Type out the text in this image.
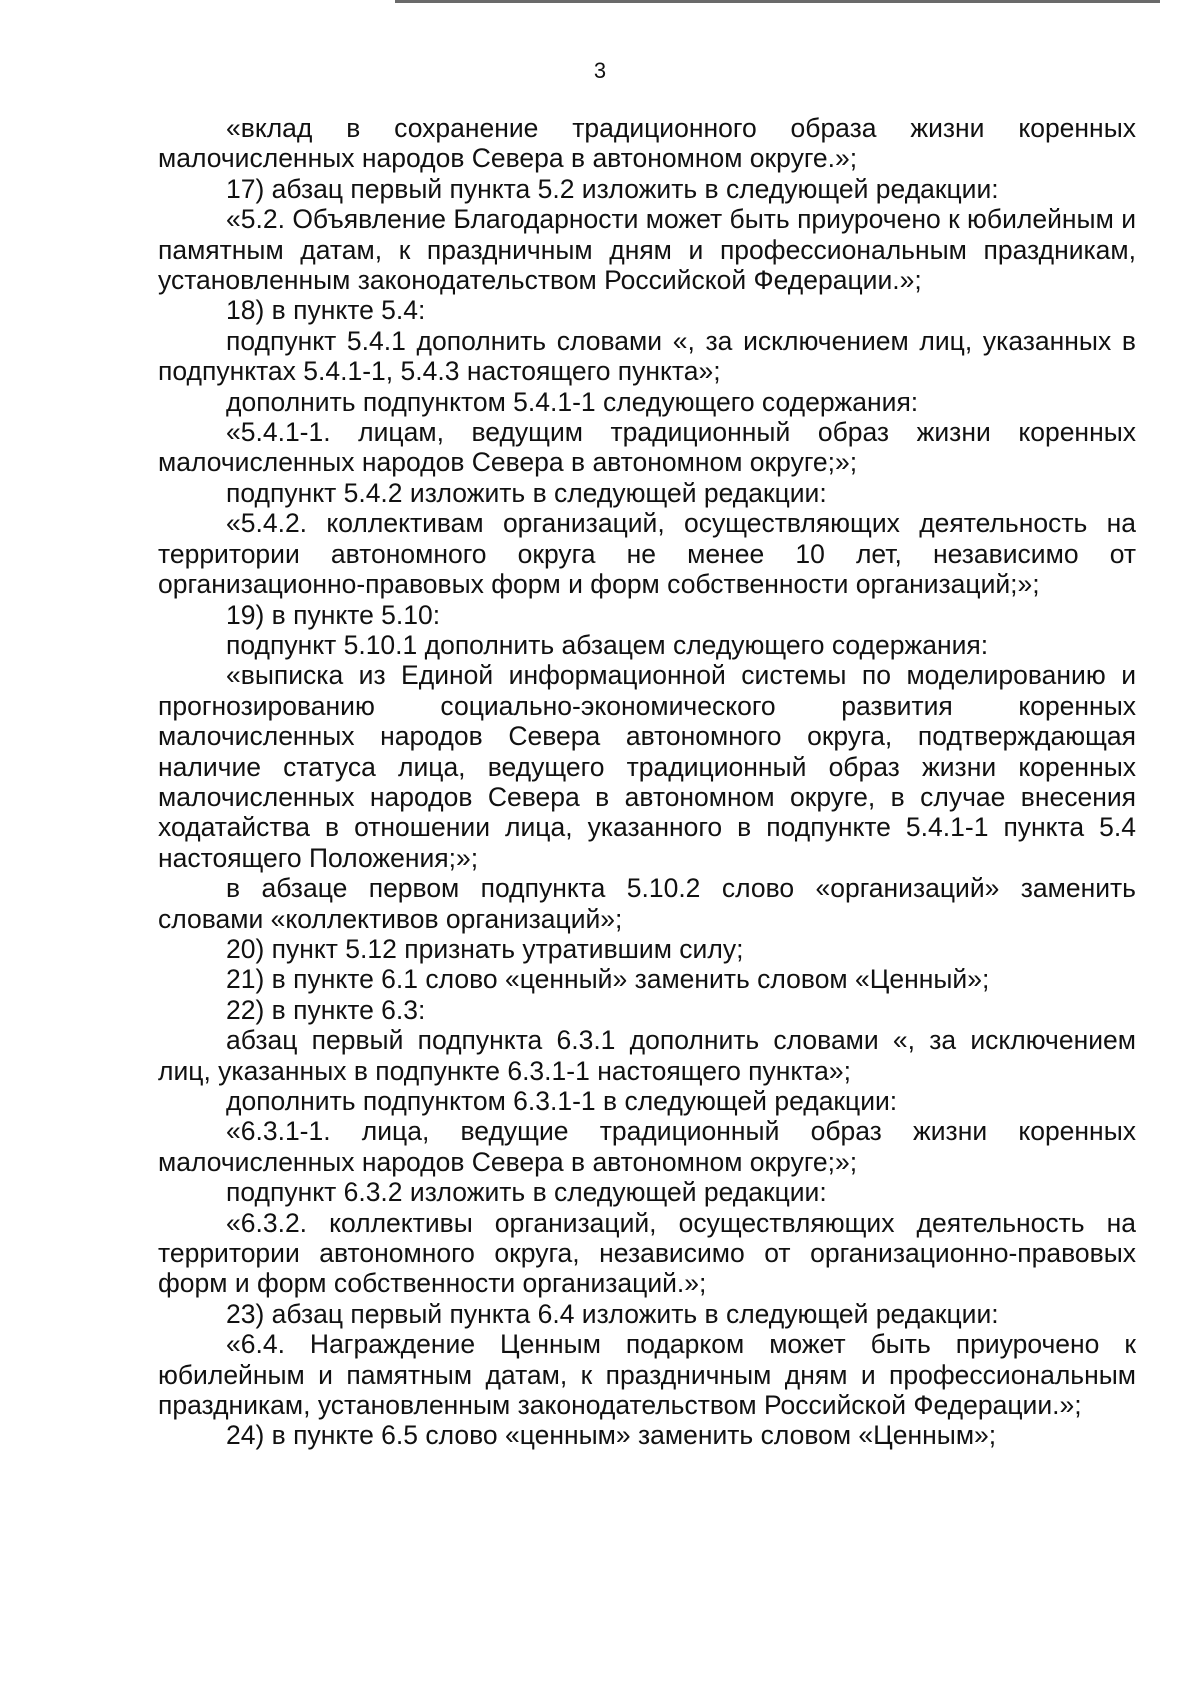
3

«вклад в сохранение традиционного образа жизни коренных малочисленных народов Севера в автономном округе.»;

17) абзац первый пункта 5.2 изложить в следующей редакции:

«5.2. Объявление Благодарности может быть приурочено к юбилейным и памятным датам, к праздничным дням и профессиональным праздникам, установленным законодательством Российской Федерации.»;

18) в пункте 5.4:

подпункт 5.4.1 дополнить словами «, за исключением лиц, указанных в подпунктах 5.4.1-1, 5.4.3 настоящего пункта»;

дополнить подпунктом 5.4.1-1 следующего содержания:

«5.4.1-1. лицам, ведущим традиционный образ жизни коренных малочисленных народов Севера в автономном округе;»;

подпункт 5.4.2 изложить в следующей редакции:

«5.4.2. коллективам организаций, осуществляющих деятельность на территории автономного округа не менее 10 лет, независимо от организационно-правовых форм и форм собственности организаций;»;

19) в пункте 5.10:

подпункт 5.10.1 дополнить абзацем следующего содержания:

«выписка из Единой информационной системы по моделированию и прогнозированию социально-экономического развития коренных малочисленных народов Севера автономного округа, подтверждающая наличие статуса лица, ведущего традиционный образ жизни коренных малочисленных народов Севера в автономном округе, в случае внесения ходатайства в отношении лица, указанного в подпункте 5.4.1-1 пункта 5.4 настоящего Положения;»;

в абзаце первом подпункта 5.10.2 слово «организаций» заменить словами «коллективов организаций»;

20) пункт 5.12 признать утратившим силу;

21) в пункте 6.1 слово «ценный» заменить словом «Ценный»;

22) в пункте 6.3:

абзац первый подпункта 6.3.1 дополнить словами «, за исключением лиц, указанных в подпункте 6.3.1-1 настоящего пункта»;

дополнить подпунктом 6.3.1-1 в следующей редакции:

«6.3.1-1. лица, ведущие традиционный образ жизни коренных малочисленных народов Севера в автономном округе;»;

подпункт 6.3.2 изложить в следующей редакции:

«6.3.2. коллективы организаций, осуществляющих деятельность на территории автономного округа, независимо от организационно-правовых форм и форм собственности организаций.»;

23) абзац первый пункта 6.4 изложить в следующей редакции:

«6.4. Награждение Ценным подарком может быть приурочено к юбилейным и памятным датам, к праздничным дням и профессиональным праздникам, установленным законодательством Российской Федерации.»;

24) в пункте 6.5 слово «ценным» заменить словом «Ценным»;
